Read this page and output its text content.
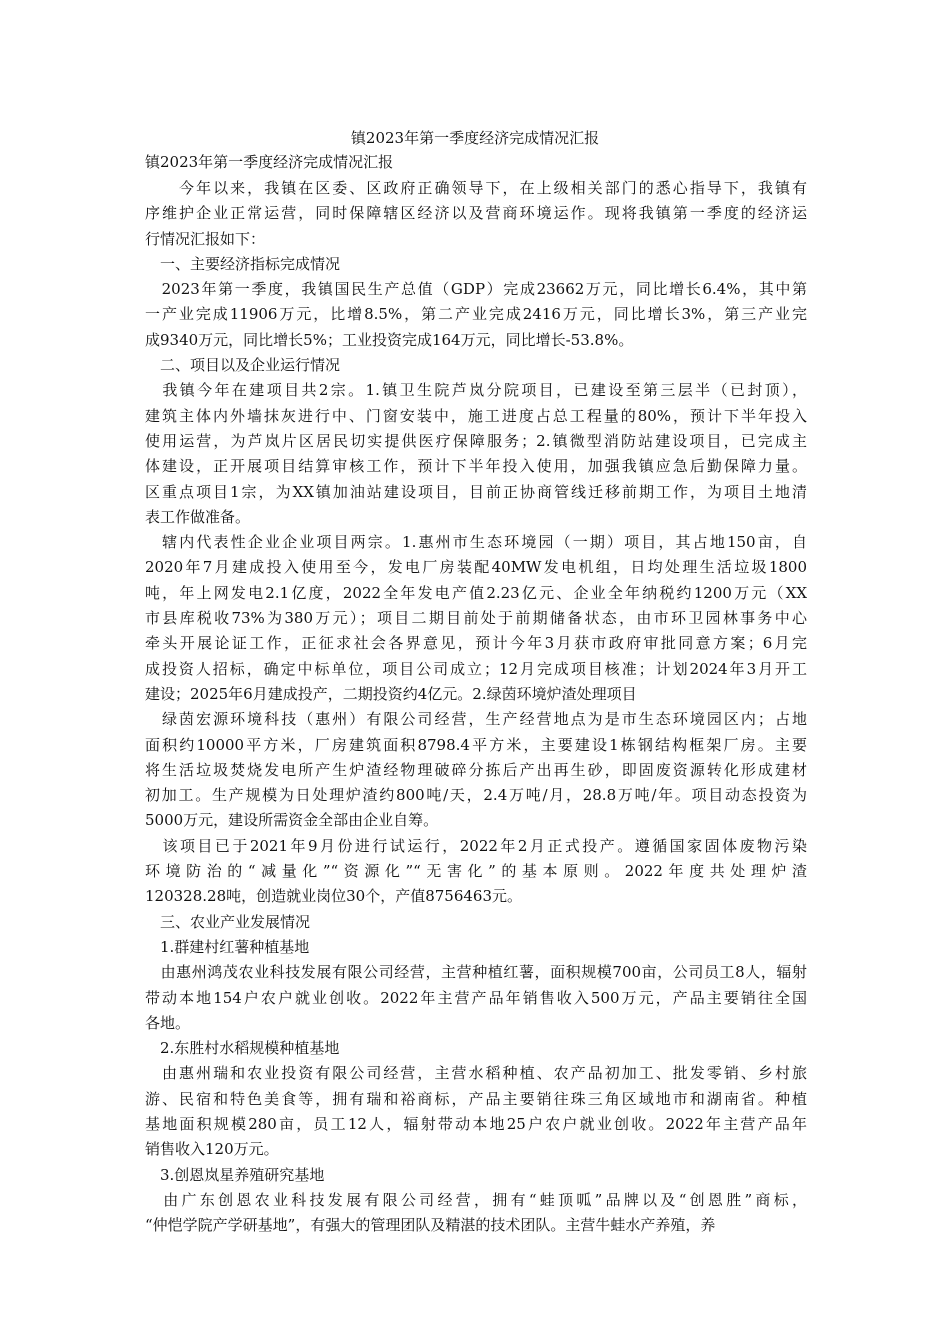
镇2023年第一季度经济完成情况汇报
镇2023年第一季度经济完成情况汇报
　　今年以来，我镇在区委、区政府正确领导下，在上级相关部门的悉心指导下，我镇有
序维护企业正常运营，同时保障辖区经济以及营商环境运作。现将我镇第一季度的经济运
行情况汇报如下：
　一、主要经济指标完成情况
　2023年第一季度，我镇国民生产总值（GDP）完成23662万元，同比增长6.4%，其中第
一产业完成11906万元，比增8.5%，第二产业完成2416万元，同比增长3%，第三产业完
成9340万元，同比增长5%；工业投资完成164万元，同比增长-53.8%。
　二、项目以及企业运行情况
　我镇今年在建项目共2宗。1.镇卫生院芦岚分院项目，已建设至第三层半（已封顶），
建筑主体内外墙抹灰进行中、门窗安装中，施工进度占总工程量的80%，预计下半年投入
使用运营，为芦岚片区居民切实提供医疗保障服务；2.镇微型消防站建设项目，已完成主
体建设，正开展项目结算审核工作，预计下半年投入使用，加强我镇应急后勤保障力量。
区重点项目1宗，为XX镇加油站建设项目，目前正协商管线迁移前期工作，为项目土地清
表工作做准备。
　辖内代表性企业企业项目两宗。1.惠州市生态环境园（一期）项目，其占地150亩，自
2020年7月建成投入使用至今，发电厂房装配40MW发电机组，日均处理生活垃圾1800
吨，年上网发电2.1亿度，2022全年发电产值2.23亿元、企业全年纳税约1200万元（XX
市县库税收73%为380万元）；项目二期目前处于前期储备状态，由市环卫园林事务中心
牵头开展论证工作，正征求社会各界意见，预计今年3月获市政府审批同意方案；6月完
成投资人招标，确定中标单位，项目公司成立；12月完成项目核准；计划2024年3月开工
建设；2025年6月建成投产，二期投资约4亿元。2.绿茵环境炉渣处理项目
　绿茵宏源环境科技（惠州）有限公司经营，生产经营地点为是市生态环境园区内；占地
面积约10000平方米，厂房建筑面积8798.4平方米，主要建设1栋钢结构框架厂房。主要
将生活垃圾焚烧发电所产生炉渣经物理破碎分拣后产出再生砂，即固废资源转化形成建材
初加工。生产规模为日处理炉渣约800吨/天，2.4万吨/月，28.8万吨/年。项目动态投资为
5000万元，建设所需资金全部由企业自筹。
　该项目已于2021年9月份进行试运行，2022年2月正式投产。遵循国家固体废物污染
环境防治的“减量化”“资源化”“无害化”的基本原则。2022年度共处理炉渣
120328.28吨，创造就业岗位30个，产值8756463元。
　三、农业产业发展情况
　1.群建村红薯种植基地
　由惠州鸿茂农业科技发展有限公司经营，主营种植红薯，面积规模700亩，公司员工8人，辐射
带动本地154户农户就业创收。2022年主营产品年销售收入500万元，产品主要销往全国
各地。
　2.东胜村水稻规模种植基地
　由惠州瑞和农业投资有限公司经营，主营水稻种植、农产品初加工、批发零销、乡村旅
游、民宿和特色美食等，拥有瑞和裕商标，产品主要销往珠三角区域地市和湖南省。种植
基地面积规模280亩，员工12人，辐射带动本地25户农户就业创收。2022年主营产品年
销售收入120万元。
　3.创恩岚星养殖研究基地
　由广东创恩农业科技发展有限公司经营，拥有“蛙顶呱”品牌以及“创恩胜”商标，
“仲恺学院产学研基地”，有强大的管理团队及精湛的技术团队。主营牛蛙水产养殖，养
